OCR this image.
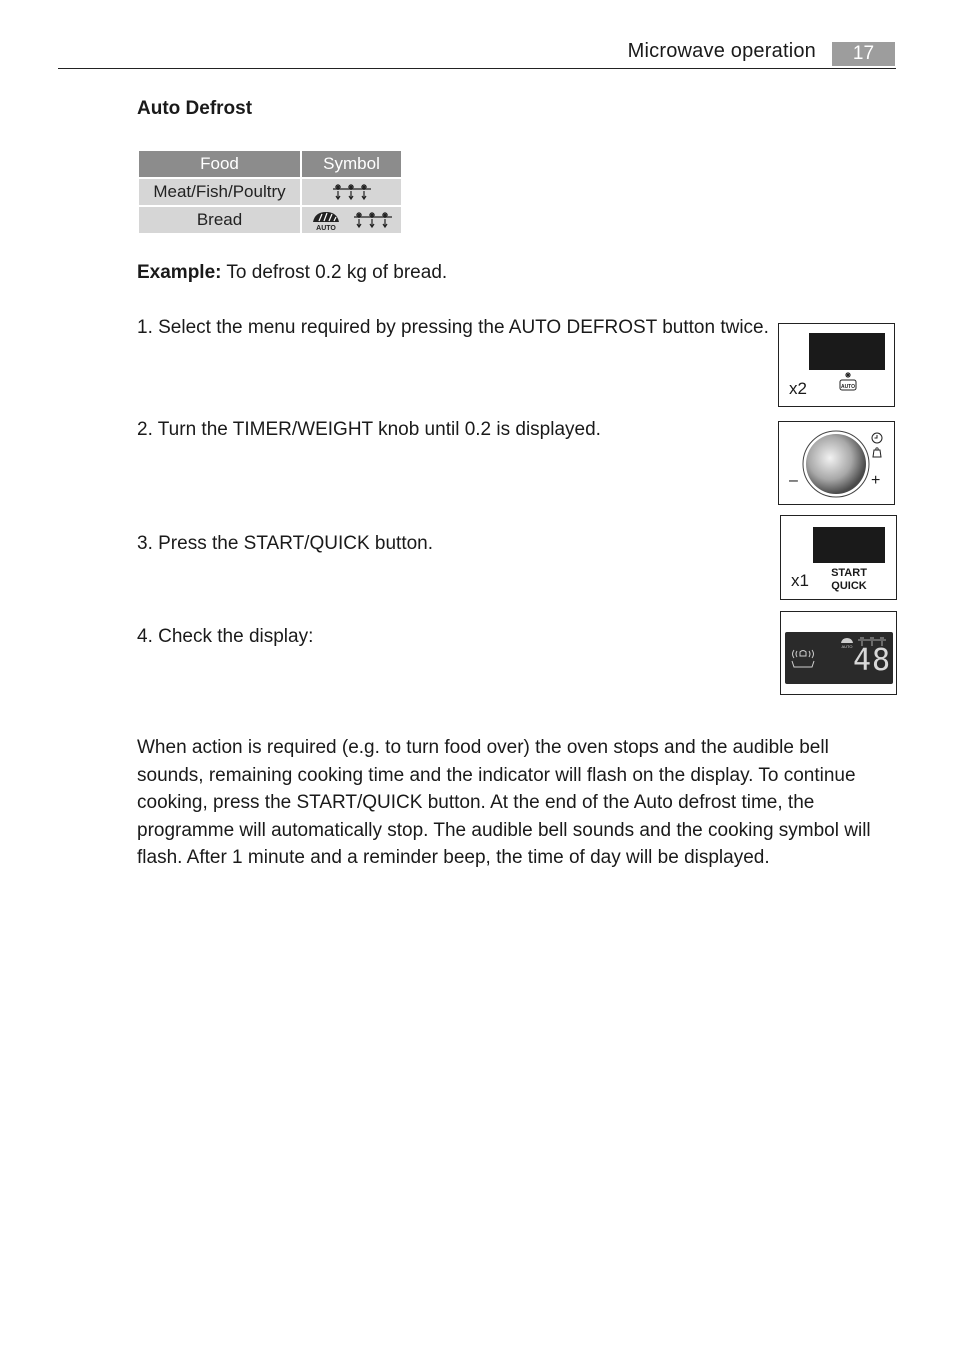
Microwave operation	17
Auto Defrost
Food	Symbol
Meat/Fish/Poultry	

Bread	AUTO
Example: To defrost 0.2 kg of bread.
1. Select the menu required by pressing the AUTO DEFROST button twice.
2. Turn the TIMER/WEIGHT knob until 0.2 is displayed.
3. Press the START/QUICK button.
4. Check the display:
x2	AUTO
–	+
x1	START
QUICK
AUTO 48
When action is required (e.g. to turn food over) the oven stops and the audible bell sounds, remaining cooking time and the indicator will flash on the display. To continue cooking, press the START/QUICK button. At the end of the Auto defrost time, the programme will automatically stop. The audible bell sounds and the cooking symbol will flash. After 1 minute and a reminder beep, the time of day will be displayed.
